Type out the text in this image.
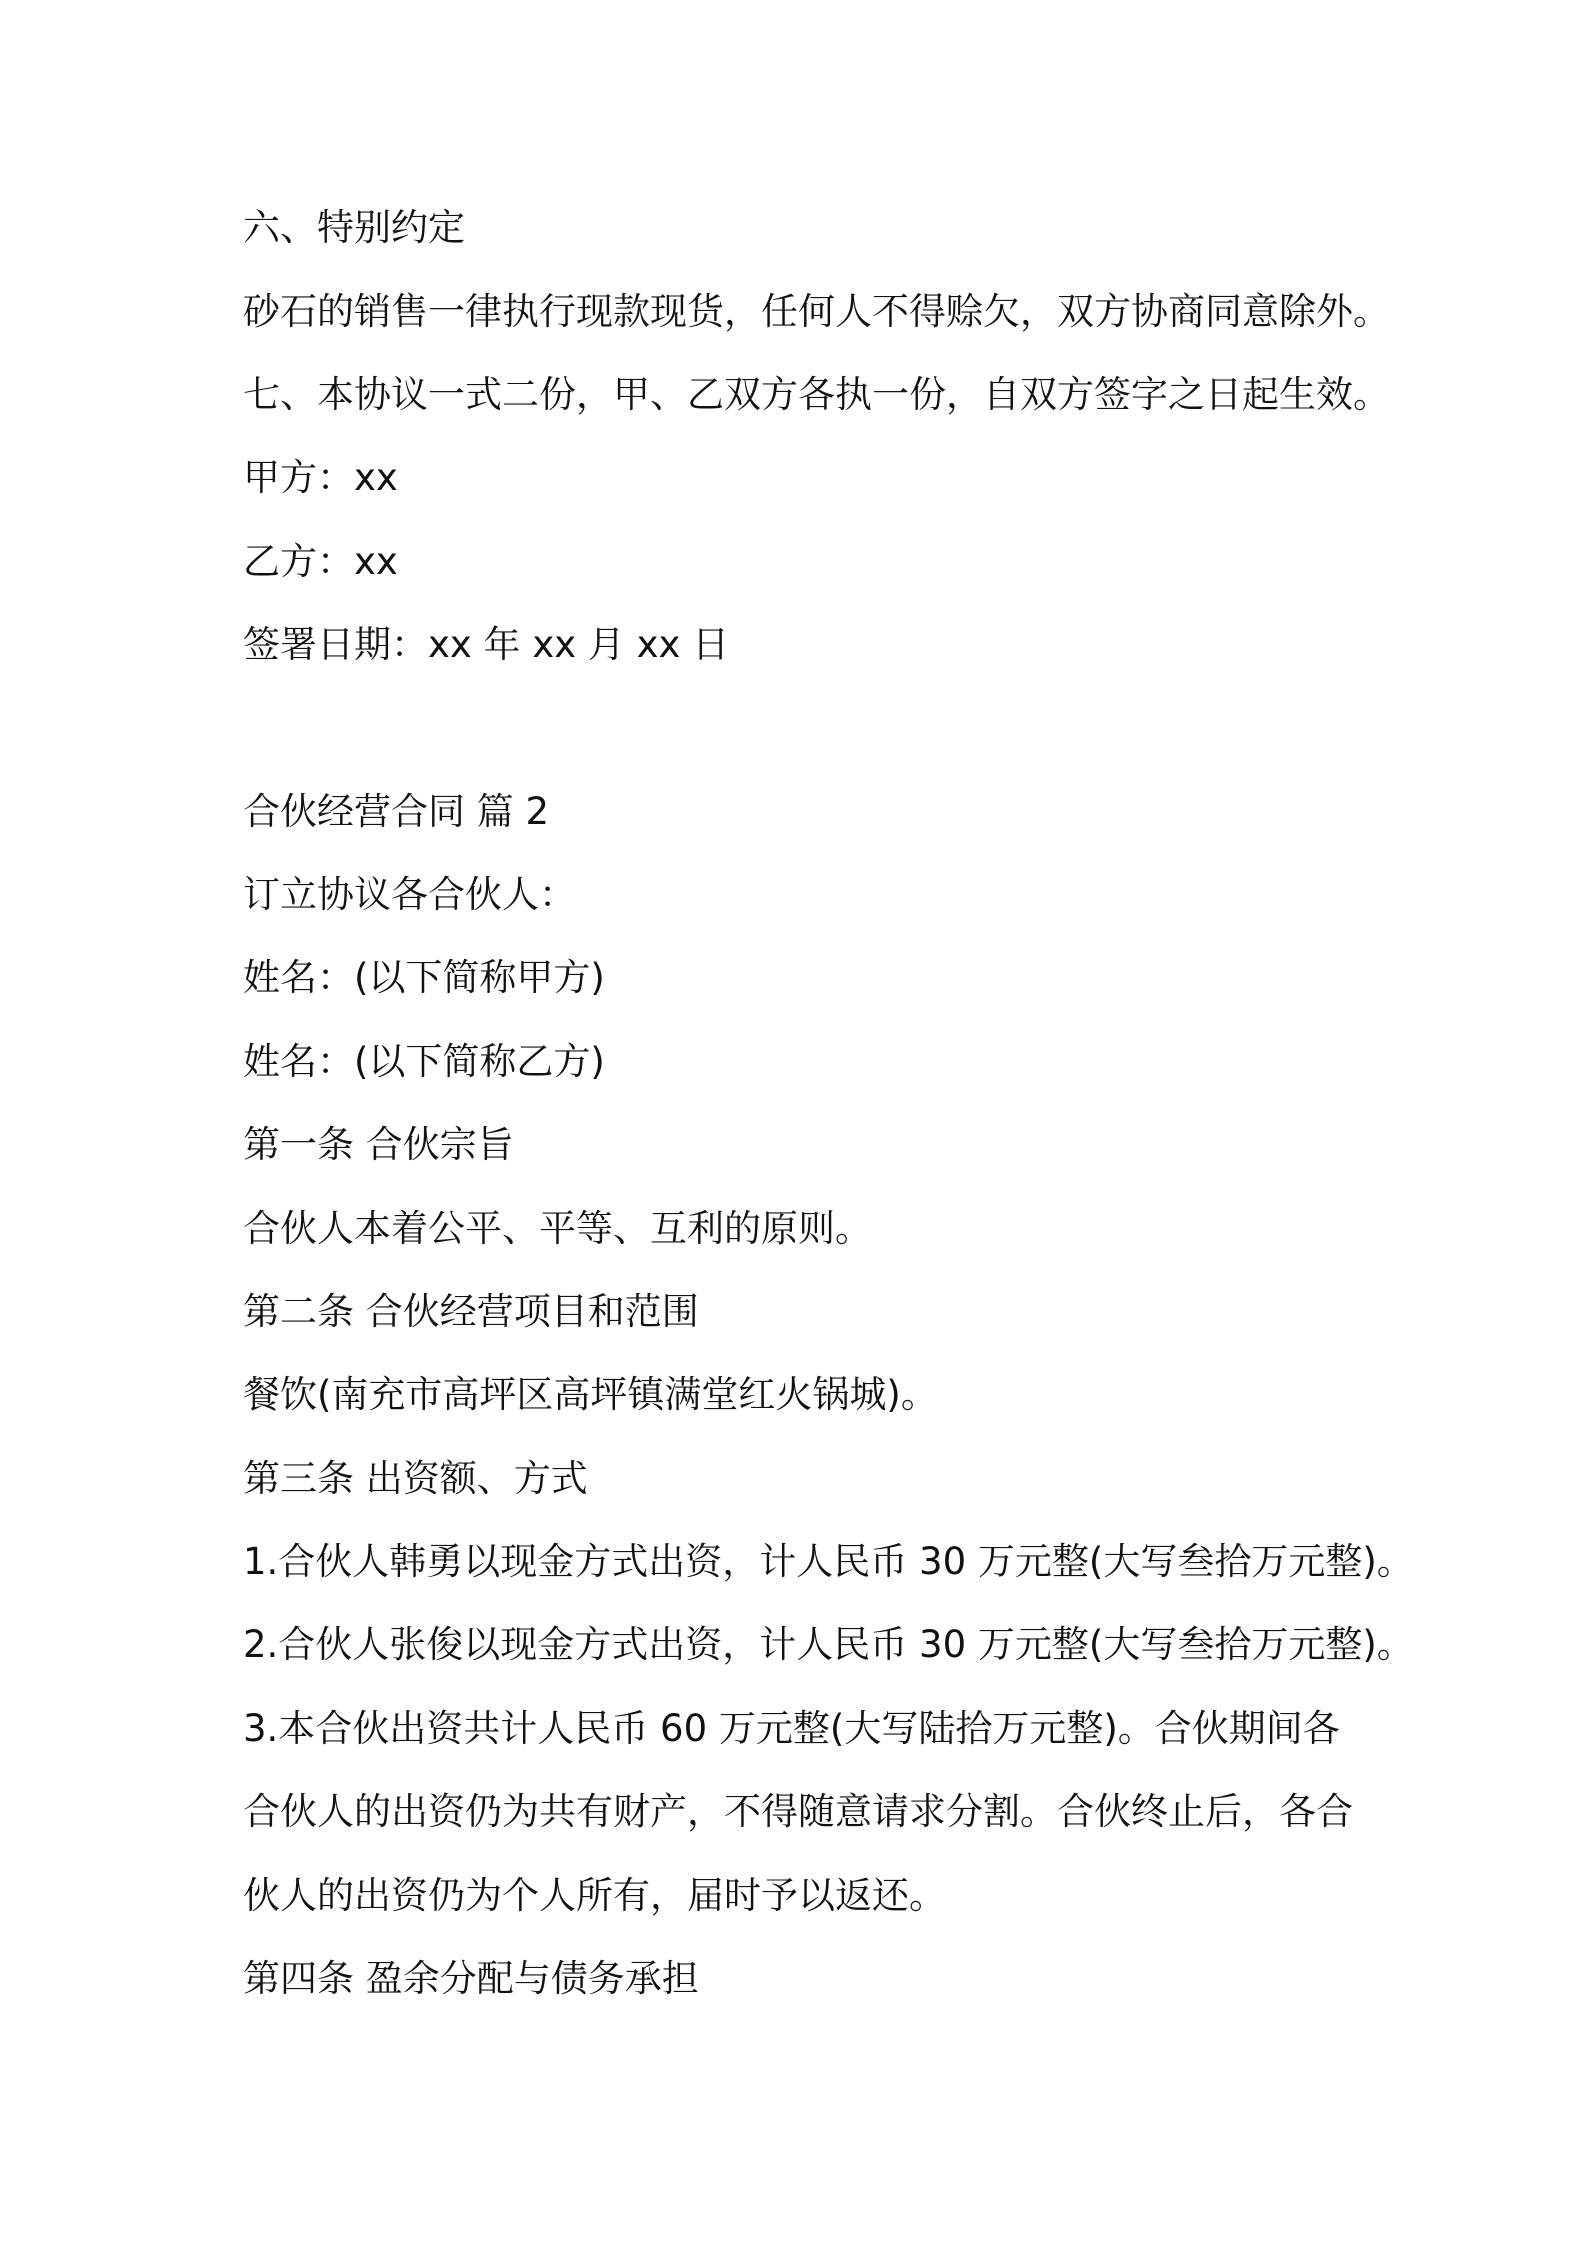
六、特别约定
砂石的销售一律执行现款现货，任何人不得赊欠，双方协商同意除外。
七、本协议一式二份，甲、乙双方各执一份，自双方签字之日起生效。
甲方：xx
乙方：xx
签署日期：xx 年 xx 月 xx 日
合伙经营合同 篇 2
订立协议各合伙人：
姓名：(以下简称甲方)
姓名：(以下简称乙方)
第一条 合伙宗旨
合伙人本着公平、平等、互利的原则。
第二条 合伙经营项目和范围
餐饮(南充市高坪区高坪镇满堂红火锅城)。
第三条 出资额、方式
1.合伙人韩勇以现金方式出资，计人民币 30 万元整(大写叁拾万元整)。
2.合伙人张俊以现金方式出资，计人民币 30 万元整(大写叁拾万元整)。
3.本合伙出资共计人民币 60 万元整(大写陆拾万元整)。合伙期间各
合伙人的出资仍为共有财产，不得随意请求分割。合伙终止后，各合
伙人的出资仍为个人所有，届时予以返还。
第四条 盈余分配与债务承担
